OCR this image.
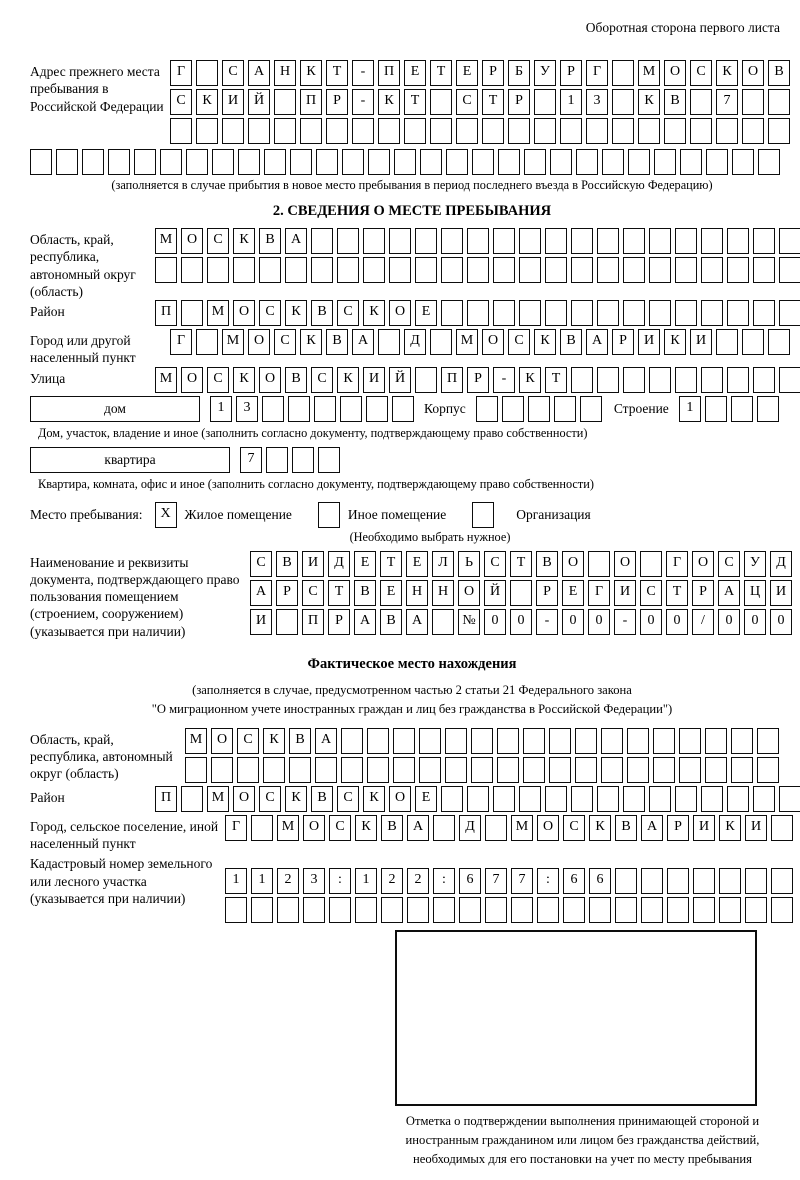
Оборотная сторона первого листа
Адрес прежнего места пребывания в Российской Федерации
Г	С А Н К Т - П Е Т Е Р Б У Р Г	М О С К О В
С К И Й	П Р - К Т	С Т Р	1 3	К В	7
(заполняется в случае прибытия в новое место пребывания в период последнего въезда в Российскую Федерацию)
2. СВЕДЕНИЯ О МЕСТЕ ПРЕБЫВАНИЯ
Область, край, республика, автономный округ (область)
М О С К В А
Район	П	М О С К В С К О Е
Город или другой населенный пункт
Г	М О С К В А	Д	М О С К В А Р И К И
Улица	М О С К О В С К И Й	П Р - К Т
дом	1 3	$^{Корпус}$	$^{Строение}$ 1
Дом, участок, владение и иное (заполнить согласно документу, подтверждающему право собственности)
квартира	7
Квартира, комната, офис и иное (заполнить согласно документу, подтверждающему право собственности)
$^{Место пребывания:}$ X $^{Жилое помещение}$	$^{Иное помещение}$	$^{Организация}$
(Необходимо выбрать нужное)
Наименование и реквизиты документа, подтверждающего право пользования помещением (строением, сооружением) (указывается при наличии)
С В И Д Е Т Е Л Ь С Т В О	О	Г О С У Д
А Р С Т В Е Н Н О Й	Р Е Г И С Т Р А Ц И
И	П Р А В А	№ 0 0 - 0 0 - 0 0 / 0 0 0
Фактическое место нахождения
(заполняется в случае, предусмотренном частью 2 статьи 21 Федерального закона
"О миграционном учете иностранных граждан и лиц без гражданства в Российской Федерации")
Область, край, республика, автономный округ (область)
М О С К В А
Район	П	М О С К В С К О Е
Город, сельское поселение, иной населенный пункт
Г	М О С К В А	Д	М О С К В А Р И К И
Кадастровый номер земельного или лесного участка (указывается при наличии)
1 1 2 3 : 1 2 2 : 6 7 7 : 6 6
Отметка о подтверждении выполнения принимающей стороной и иностранным гражданином или лицом без гражданства действий, необходимых для его постановки на учет по месту пребывания
